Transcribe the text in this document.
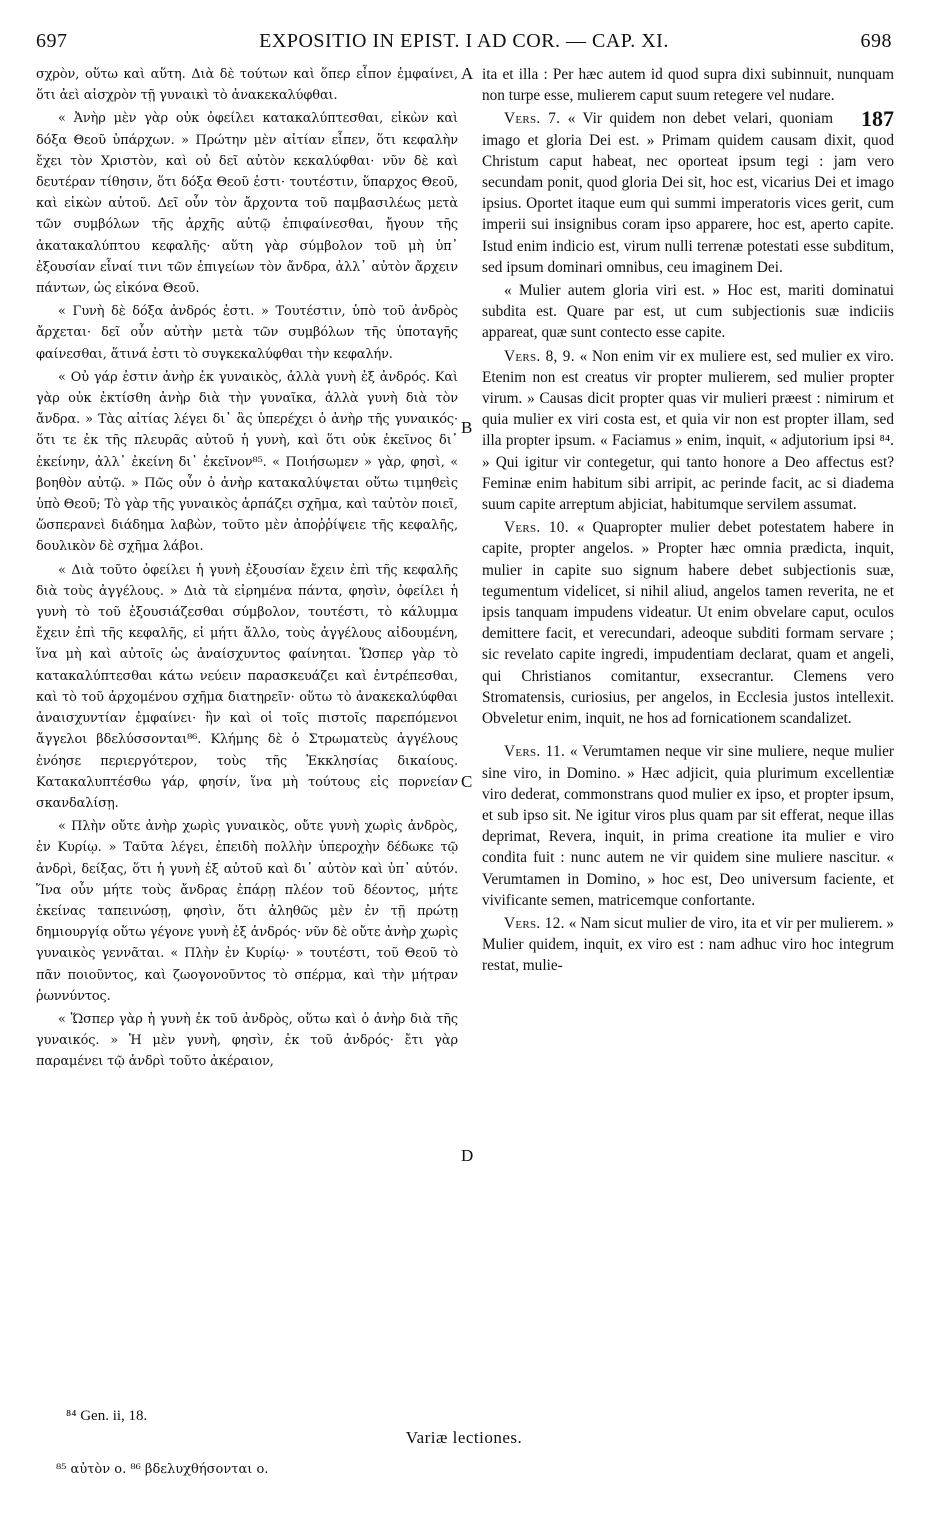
697	EXPOSITIO IN EPIST. I AD COR. — CAP. XI.	698

σχρὸν, οὕτω καὶ αὕτη. Διὰ δὲ τούτων καὶ ὅπερ εἶπον ἐμφαίνει, ὅτι ἀεὶ αἰσχρὸν τῇ γυναικὶ τὸ ἀνακεκαλύφθαι.

« Ἀνὴρ μὲν γὰρ οὐκ ὀφείλει κατακαλύπτεσθαι, εἰκὼν καὶ δόξα Θεοῦ ὑπάρχων. » Πρώτην μὲν αἰτίαν εἶπεν, ὅτι κεφαλὴν ἔχει τὸν Χριστὸν, καὶ οὐ δεῖ αὐτὸν κεκαλύφθαι· νῦν δὲ καὶ δευτέραν τίθησιν, ὅτι δόξα Θεοῦ ἐστι· τουτέστιν, ὕπαρχος Θεοῦ, καὶ εἰκὼν αὐτοῦ. Δεῖ οὖν τὸν ἄρχοντα τοῦ παμβασιλέως μετὰ τῶν συμβόλων τῆς ἀρχῆς αὐτῷ ἐπιφαίνεσθαι, ἤγουν τῆς ἀκατακαλύπτου κεφαλῆς· αὕτη γὰρ σύμβολον τοῦ μὴ ὑπ᾽ ἐξουσίαν εἶναί τινι τῶν ἐπιγείων τὸν ἄνδρα, ἀλλ᾽ αὐτὸν ἄρχειν πάντων, ὡς εἰκόνα Θεοῦ.

« Γυνὴ δὲ δόξα ἀνδρός ἐστι. » Τουτέστιν, ὑπὸ τοῦ ἀνδρὸς ἄρχεται· δεῖ οὖν αὐτὴν μετὰ τῶν συμβόλων τῆς ὑποταγῆς φαίνεσθαι, ἅτινά ἐστι τὸ συγκεκαλύφθαι τὴν κεφαλήν.

« Οὐ γάρ ἐστιν ἀνὴρ ἐκ γυναικὸς, ἀλλὰ γυνὴ ἐξ ἀνδρός. Καὶ γὰρ οὐκ ἐκτίσθη ἀνὴρ διὰ τὴν γυναῖκα, ἀλλὰ γυνὴ διὰ τὸν ἄνδρα. » Τὰς αἰτίας λέγει δι᾽ ἃς ὑπερέχει ὁ ἀνὴρ τῆς γυναικός· ὅτι τε ἐκ τῆς πλευρᾶς αὐτοῦ ἡ γυνὴ, καὶ ὅτι οὐκ ἐκεῖνος δι᾽ ἐκείνην, ἀλλ᾽ ἐκείνη δι᾽ ἐκεῖνον⁸⁵. « Ποιήσωμεν » γὰρ, φησὶ, « βοηθὸν αὐτῷ. » Πῶς οὖν ὁ ἀνὴρ κατακαλύψεται οὕτω τιμηθεὶς ὑπὸ Θεοῦ; Τὸ γὰρ τῆς γυναικὸς ἁρπάζει σχῆμα, καὶ ταὐτὸν ποιεῖ, ὥσπερανεὶ διάδημα λαβὼν, τοῦτο μὲν ἀποῤῥίψειε τῆς κεφαλῆς, δουλικὸν δὲ σχῆμα λάβοι.

« Διὰ τοῦτο ὀφείλει ἡ γυνὴ ἐξουσίαν ἔχειν ἐπὶ τῆς κεφαλῆς διὰ τοὺς ἀγγέλους. » Διὰ τὰ εἰρημένα πάντα, φησὶν, ὀφείλει ἡ γυνὴ τὸ τοῦ ἐξουσιάζεσθαι σύμβολον, τουτέστι, τὸ κάλυμμα ἔχειν ἐπὶ τῆς κεφαλῆς, εἰ μήτι ἄλλο, τοὺς ἀγγέλους αἰδουμένη, ἵνα μὴ καὶ αὐτοῖς ὡς ἀναίσχυντος φαίνηται. Ὥσπερ γὰρ τὸ κατακαλύπτεσθαι κάτω νεύειν παρασκευάζει καὶ ἐντρέπεσθαι, καὶ τὸ τοῦ ἀρχομένου σχῆμα διατηρεῖν· οὕτω τὸ ἀνακεκαλύφθαι ἀναισχυντίαν ἐμφαίνει· ἣν καὶ οἱ τοῖς πιστοῖς παρεπόμενοι ἄγγελοι βδελύσσονται⁸⁶. Κλήμης δὲ ὁ Στρωματεὺς ἀγγέλους ἐνόησε περιεργότερον, τοὺς τῆς Ἐκκλησίας δικαίους. Κατακαλυπτέσθω γάρ, φησίν, ἵνα μὴ τούτους εἰς πορνείαν σκανδαλίσῃ.

« Πλὴν οὔτε ἀνὴρ χωρὶς γυναικὸς, οὔτε γυνὴ χωρὶς ἀνδρὸς, ἐν Κυρίῳ. » Ταῦτα λέγει, ἐπειδὴ πολλὴν ὑπεροχὴν δέδωκε τῷ ἀνδρὶ, δείξας, ὅτι ἡ γυνὴ ἐξ αὐτοῦ καὶ δι᾽ αὐτὸν καὶ ὑπ᾽ αὐτόν. Ἵνα οὖν μήτε τοὺς ἄνδρας ἐπάρῃ πλέον τοῦ δέοντος, μήτε ἐκείνας ταπεινώσῃ, φησὶν, ὅτι ἀληθῶς μὲν ἐν τῇ πρώτῃ δημιουργίᾳ οὕτω γέγονε γυνὴ ἐξ ἀνδρός· νῦν δὲ οὔτε ἀνὴρ χωρὶς γυναικὸς γεννᾶται. « Πλὴν ἐν Κυρίῳ· » τουτέστι, τοῦ Θεοῦ τὸ πᾶν ποιοῦντος, καὶ ζωογονοῦντος τὸ σπέρμα, καὶ τὴν μήτραν ῥωννύντος.

« Ὥσπερ γὰρ ἡ γυνὴ ἐκ τοῦ ἀνδρὸς, οὕτω καὶ ὁ ἀνὴρ διὰ τῆς γυναικός. » Ἡ μὲν γυνὴ, φησὶν, ἐκ τοῦ ἀνδρός· ἔτι γὰρ παραμένει τῷ ἀνδρὶ τοῦτο ἀκέραιον,

A
B
C
D

ita et illa : Per hæc autem id quod supra dixi subinnuit, nunquam non turpe esse, mulierem caput suum retegere vel nudare.

187
Vers. 7. « Vir quidem non debet velari, quoniam imago et gloria Dei est. » Primam quidem causam dixit, quod Christum caput habeat, nec oporteat ipsum tegi : jam vero secundam ponit, quod gloria Dei sit, hoc est, vicarius Dei et imago ipsius. Oportet itaque eum qui summi imperatoris vices gerit, cum imperii sui insignibus coram ipso apparere, hoc est, aperto capite. Istud enim indicio est, virum nulli terrenæ potestati esse subditum, sed ipsum dominari omnibus, ceu imaginem Dei.

« Mulier autem gloria viri est. » Hoc est, mariti dominatui subdita est. Quare par est, ut cum subjectionis suæ indiciis appareat, quæ sunt contecto esse capite.

Vers. 8, 9. « Non enim vir ex muliere est, sed mulier ex viro. Etenim non est creatus vir propter mulierem, sed mulier propter virum. » Causas dicit propter quas vir mulieri præest : nimirum et quia mulier ex viri costa est, et quia vir non est propter illam, sed illa propter ipsum. « Faciamus » enim, inquit, « adjutorium ipsi ⁸⁴. » Qui igitur vir contegetur, qui tanto honore a Deo affectus est? Feminæ enim habitum sibi arripit, ac perinde facit, ac si diadema suum capite arreptum abjiciat, habitumque servilem assumat.

Vers. 10. « Quapropter mulier debet potestatem habere in capite, propter angelos. » Propter hæc omnia prædicta, inquit, mulier in capite suo signum habere debet subjectionis suæ, tegumentum videlicet, si nihil aliud, angelos tamen reverita, ne et ipsis tanquam impudens videatur. Ut enim obvelare caput, oculos demittere facit, et verecundari, adeoque subditi formam servare ; sic revelato capite ingredi, impudentiam declarat, quam et angeli, qui Christianos comitantur, exsecrantur. Clemens vero Stromatensis, curiosius, per angelos, in Ecclesia justos intellexit. Obveletur enim, inquit, ne hos ad fornicationem scandalizet.

Vers. 11. « Verumtamen neque vir sine muliere, neque mulier sine viro, in Domino. » Hæc adjicit, quia plurimum excellentiæ viro dederat, commonstrans quod mulier ex ipso, et propter ipsum, et sub ipso sit. Ne igitur viros plus quam par sit efferat, neque illas deprimat, Revera, inquit, in prima creatione ita mulier e viro condita fuit : nunc autem ne vir quidem sine muliere nascitur. « Verumtamen in Domino, » hoc est, Deo universum faciente, et vivificante semen, matricemque confortante.

Vers. 12. « Nam sicut mulier de viro, ita et vir per mulierem. » Mulier quidem, inquit, ex viro est : nam adhuc viro hoc integrum restat, mulie-

⁸⁴ Gen. ii, 18.
Variæ lectiones.
⁸⁵ αὐτὸν ο. ⁸⁶ βδελυχθήσονται ο.
